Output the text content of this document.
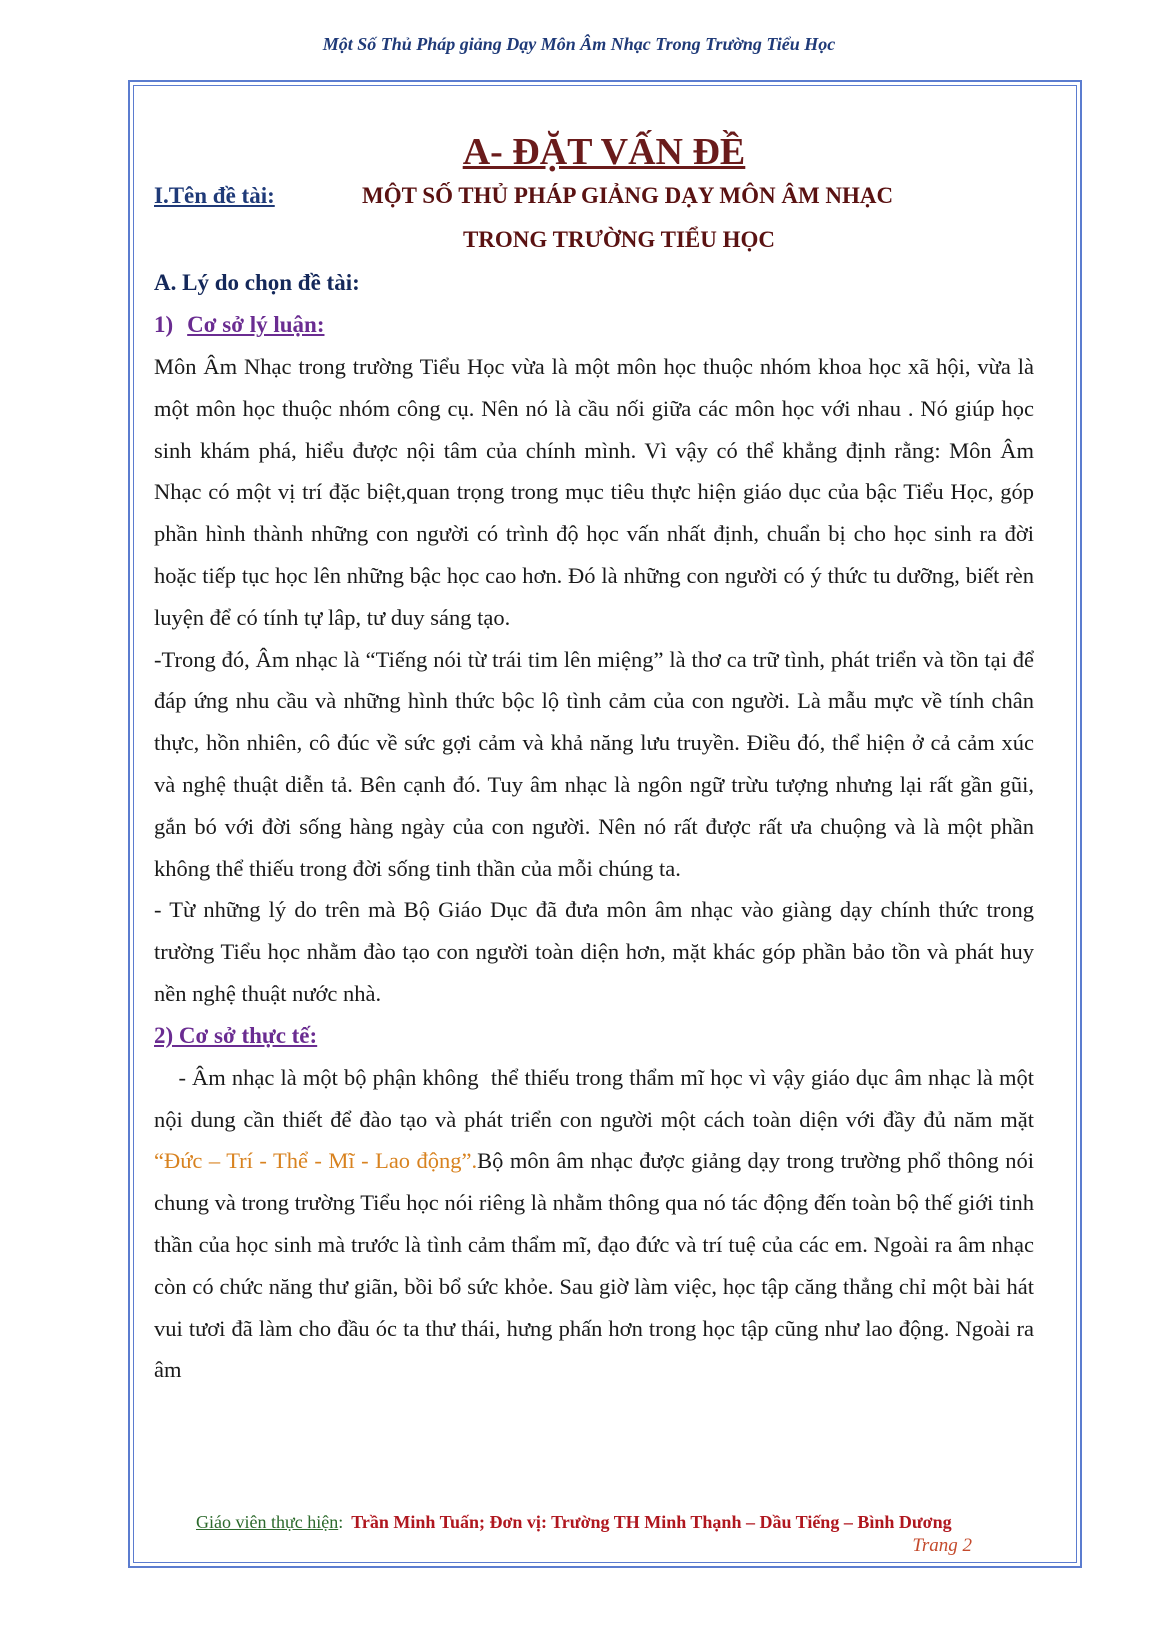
Một Số Thủ Pháp giảng Dạy Môn Âm Nhạc Trong Trường Tiểu Học
A- ĐẶT VẤN ĐỀ
I.Tên đề tài:	MỘT SỐ THỦ PHÁP GIẢNG DẠY MÔN ÂM NHẠC
TRONG TRƯỜNG TIỂU HỌC
A. Lý do chọn đề tài:
1) Cơ sở lý luận:

Môn Âm Nhạc trong trường Tiểu Học vừa là một môn học thuộc nhóm khoa học xã hội, vừa là một môn học thuộc nhóm công cụ. Nên nó là cầu nối giữa các môn học với nhau . Nó giúp học sinh khám phá, hiểu được nội tâm của chính mình. Vì vậy có thể khẳng định rằng: Môn Âm Nhạc có một vị trí đặc biệt,quan trọng trong mục tiêu thực hiện giáo dục của bậc Tiểu Học, góp phần hình thành những con người có trình độ học vấn nhất định, chuẩn bị cho học sinh ra đời hoặc tiếp tục học lên những bậc học cao hơn. Đó là những con người có ý thức tu dưỡng, biết rèn luyện để có tính tự lâp, tư duy sáng tạo.

-Trong đó, Âm nhạc là “Tiếng nói từ trái tim lên miệng” là thơ ca trữ tình, phát triển và tồn tại để đáp ứng nhu cầu và những hình thức bộc lộ tình cảm của con người. Là mẫu mực về tính chân thực, hồn nhiên, cô đúc về sức gợi cảm và khả năng lưu truyền. Điều đó, thể hiện ở cả cảm xúc và nghệ thuật diễn tả. Bên cạnh đó. Tuy âm nhạc là ngôn ngữ trừu tượng nhưng lại rất gần gũi, gắn bó với đời sống hàng ngày của con người. Nên nó rất được rất ưa chuộng và là một phần không thể thiếu trong đời sống tinh thần của mỗi chúng ta.

- Từ những lý do trên mà Bộ Giáo Dục đã đưa môn âm nhạc vào giàng dạy chính thức trong trường Tiểu học nhằm đào tạo con người toàn diện hơn, mặt khác góp phần bảo tồn và phát huy nền nghệ thuật nước nhà.

2) Cơ sở thực tế:

- Âm nhạc là một bộ phận không  thể thiếu trong thẩm mĩ học vì vậy giáo dục âm nhạc là một nội dung cần thiết để đào tạo và phát triển con người một cách toàn diện với đầy đủ năm mặt “Đức – Trí - Thể - Mĩ - Lao động”.Bộ môn âm nhạc được giảng dạy trong trường phổ thông nói chung và trong trường Tiểu học nói riêng là nhằm thông qua nó tác động đến toàn bộ thế giới tinh thần của học sinh mà trước là tình cảm thẩm mĩ, đạo đức và trí tuệ của các em. Ngoài ra âm nhạc còn có chức năng thư giãn, bồi bổ sức khỏe. Sau giờ làm việc, học tập căng thẳng chỉ một bài hát vui tươi đã làm cho đầu óc ta thư thái, hưng phấn hơn trong học tập cũng như lao động. Ngoài ra âm

Giáo viên thực hiện: Trần Minh Tuấn; Đơn vị: Trường TH Minh Thạnh – Dầu Tiếng – Bình Dương
Trang 2
